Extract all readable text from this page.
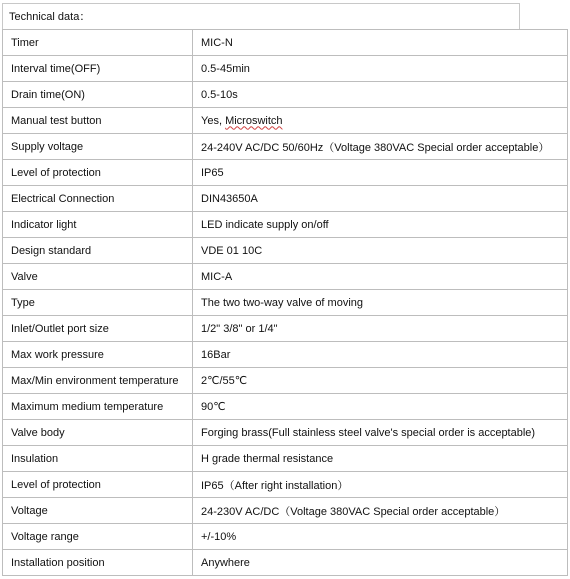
Technical data：
Timer	MIC-N
Interval time(OFF)	0.5-45min
Drain time(ON)	0.5-10s
Manual test button	Yes, Microswitch
Supply voltage	24-240V AC/DC 50/60Hz（Voltage 380VAC Special order acceptable）
Level of protection	IP65
Electrical Connection	DIN43650A
Indicator light	LED indicate supply on/off
Design standard	VDE 01 10C
Valve	MIC-A
Type	The two two-way valve of moving
Inlet/Outlet port size	1/2" 3/8" or 1/4"
Max work pressure	16Bar
Max/Min environment temperature	2℃/55℃
Maximum medium temperature	90℃
Valve body	Forging brass(Full stainless steel valve's special order is acceptable)
Insulation	H grade thermal resistance
Level of protection	IP65（After right installation）
Voltage	24-230V AC/DC（Voltage 380VAC Special order acceptable）
Voltage range	+/-10%
Installation position	Anywhere
